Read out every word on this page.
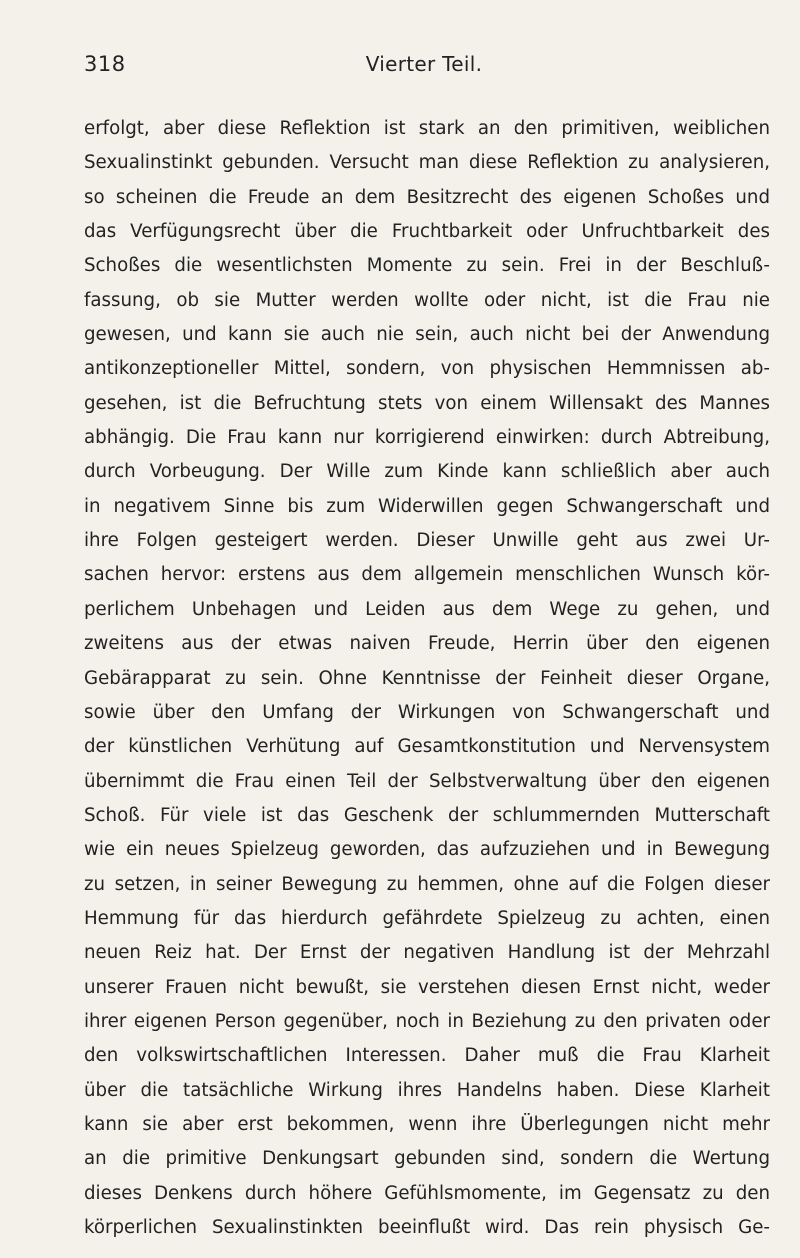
318	Vierter Teil.
erfolgt, aber diese Reflektion ist stark an den primitiven, weiblichen
Sexualinstinkt gebunden. Versucht man diese Reflektion zu analysieren,
so scheinen die Freude an dem Besitzrecht des eigenen Schoßes und
das Verfügungsrecht über die Fruchtbarkeit oder Unfruchtbarkeit des
Schoßes die wesentlichsten Momente zu sein. Frei in der Beschluß-
fassung, ob sie Mutter werden wollte oder nicht, ist die Frau nie
gewesen, und kann sie auch nie sein, auch nicht bei der Anwendung
antikonzeptioneller Mittel, sondern, von physischen Hemmnissen ab-
gesehen, ist die Befruchtung stets von einem Willensakt des Mannes
abhängig. Die Frau kann nur korrigierend einwirken: durch Abtreibung,
durch Vorbeugung. Der Wille zum Kinde kann schließlich aber auch
in negativem Sinne bis zum Widerwillen gegen Schwangerschaft und
ihre Folgen gesteigert werden. Dieser Unwille geht aus zwei Ur-
sachen hervor: erstens aus dem allgemein menschlichen Wunsch kör-
perlichem Unbehagen und Leiden aus dem Wege zu gehen, und
zweitens aus der etwas naiven Freude, Herrin über den eigenen
Gebärapparat zu sein. Ohne Kenntnisse der Feinheit dieser Organe,
sowie über den Umfang der Wirkungen von Schwangerschaft und
der künstlichen Verhütung auf Gesamtkonstitution und Nervensystem
übernimmt die Frau einen Teil der Selbstverwaltung über den eigenen
Schoß. Für viele ist das Geschenk der schlummernden Mutterschaft
wie ein neues Spielzeug geworden, das aufzuziehen und in Bewegung
zu setzen, in seiner Bewegung zu hemmen, ohne auf die Folgen dieser
Hemmung für das hierdurch gefährdete Spielzeug zu achten, einen
neuen Reiz hat. Der Ernst der negativen Handlung ist der Mehrzahl
unserer Frauen nicht bewußt, sie verstehen diesen Ernst nicht, weder
ihrer eigenen Person gegenüber, noch in Beziehung zu den privaten oder
den volkswirtschaftlichen Interessen. Daher muß die Frau Klarheit
über die tatsächliche Wirkung ihres Handelns haben. Diese Klarheit
kann sie aber erst bekommen, wenn ihre Überlegungen nicht mehr
an die primitive Denkungsart gebunden sind, sondern die Wertung
dieses Denkens durch höhere Gefühlsmomente, im Gegensatz zu den
körperlichen Sexualinstinkten beeinflußt wird. Das rein physisch Ge-
